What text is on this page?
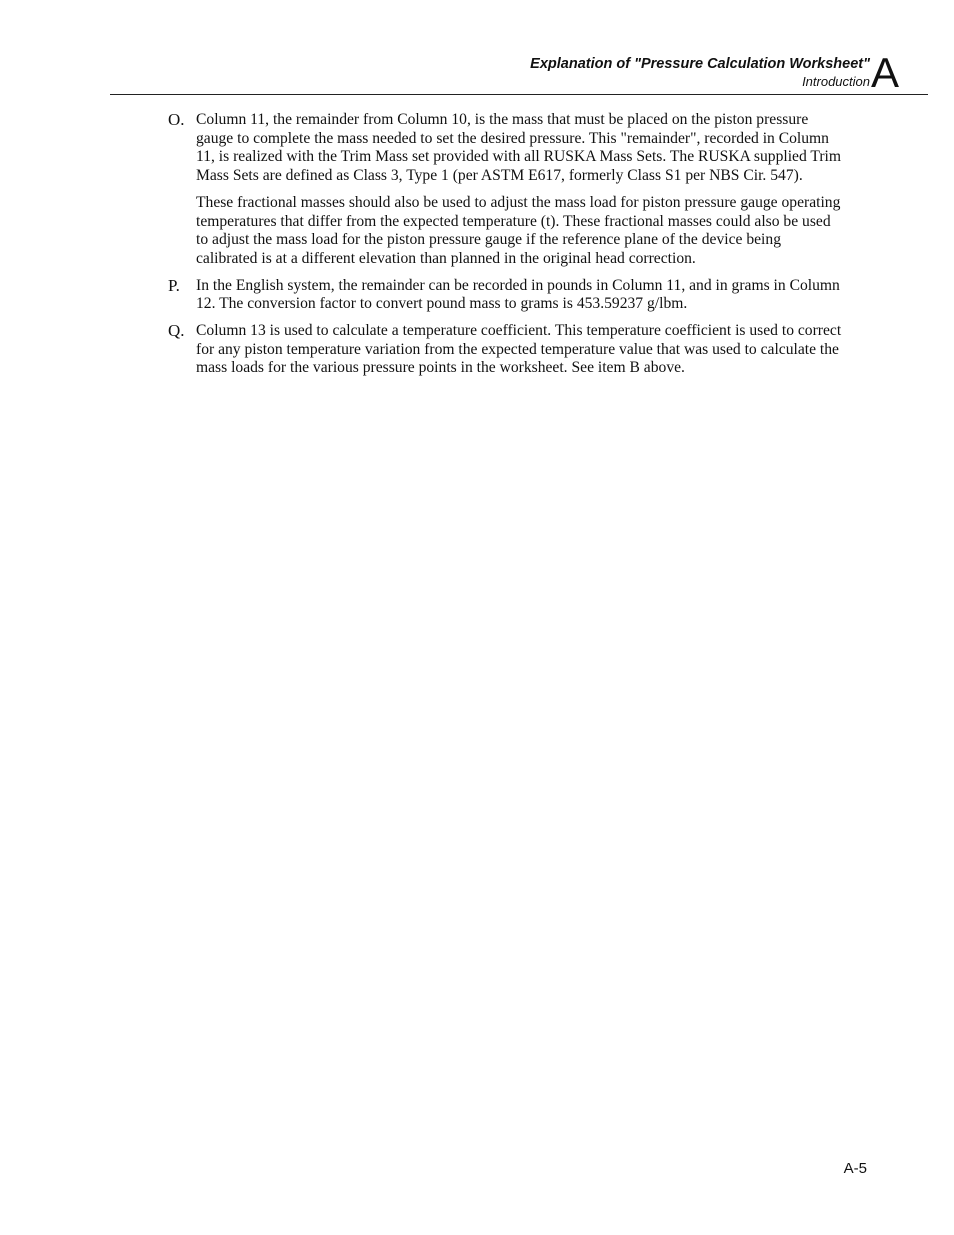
Explanation of "Pressure Calculation Worksheet"
Introduction A
O. Column 11, the remainder from Column 10, is the mass that must be placed on the piston pressure gauge to complete the mass needed to set the desired pressure. This "remainder", recorded in Column 11, is realized with the Trim Mass set provided with all RUSKA Mass Sets. The RUSKA supplied Trim Mass Sets are defined as Class 3, Type 1 (per ASTM E617, formerly Class S1 per NBS Cir. 547).

These fractional masses should also be used to adjust the mass load for piston pressure gauge operating temperatures that differ from the expected temperature (t). These fractional masses could also be used to adjust the mass load for the piston pressure gauge if the reference plane of the device being calibrated is at a different elevation than planned in the original head correction.

P. In the English system, the remainder can be recorded in pounds in Column 11, and in grams in Column 12. The conversion factor to convert pound mass to grams is 453.59237 g/lbm.

Q. Column 13 is used to calculate a temperature coefficient. This temperature coefficient is used to correct for any piston temperature variation from the expected temperature value that was used to calculate the mass loads for the various pressure points in the worksheet. See item B above.

A-5
